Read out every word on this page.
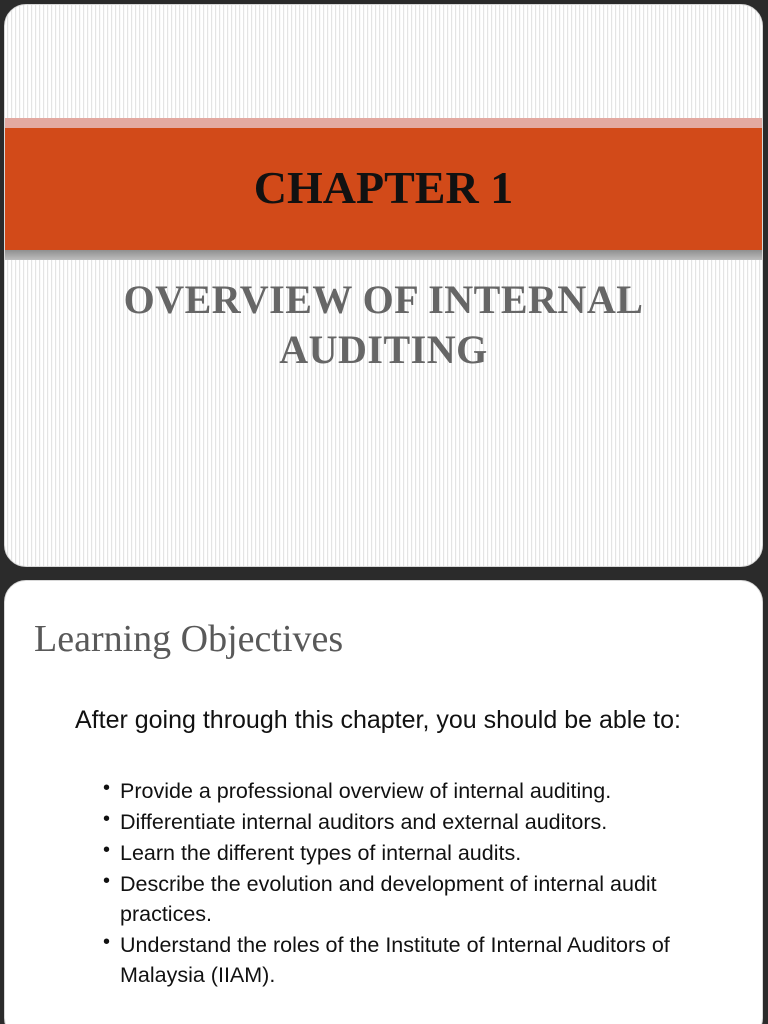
CHAPTER 1
OVERVIEW OF INTERNAL
AUDITING
Learning Objectives
After going through this chapter, you should be able to:
• Provide a professional overview of internal auditing.
• Differentiate internal auditors and external auditors.
• Learn the different types of internal audits.
• Describe the evolution and development of internal audit practices.
• Understand the roles of the Institute of Internal Auditors of Malaysia (IIAM).
